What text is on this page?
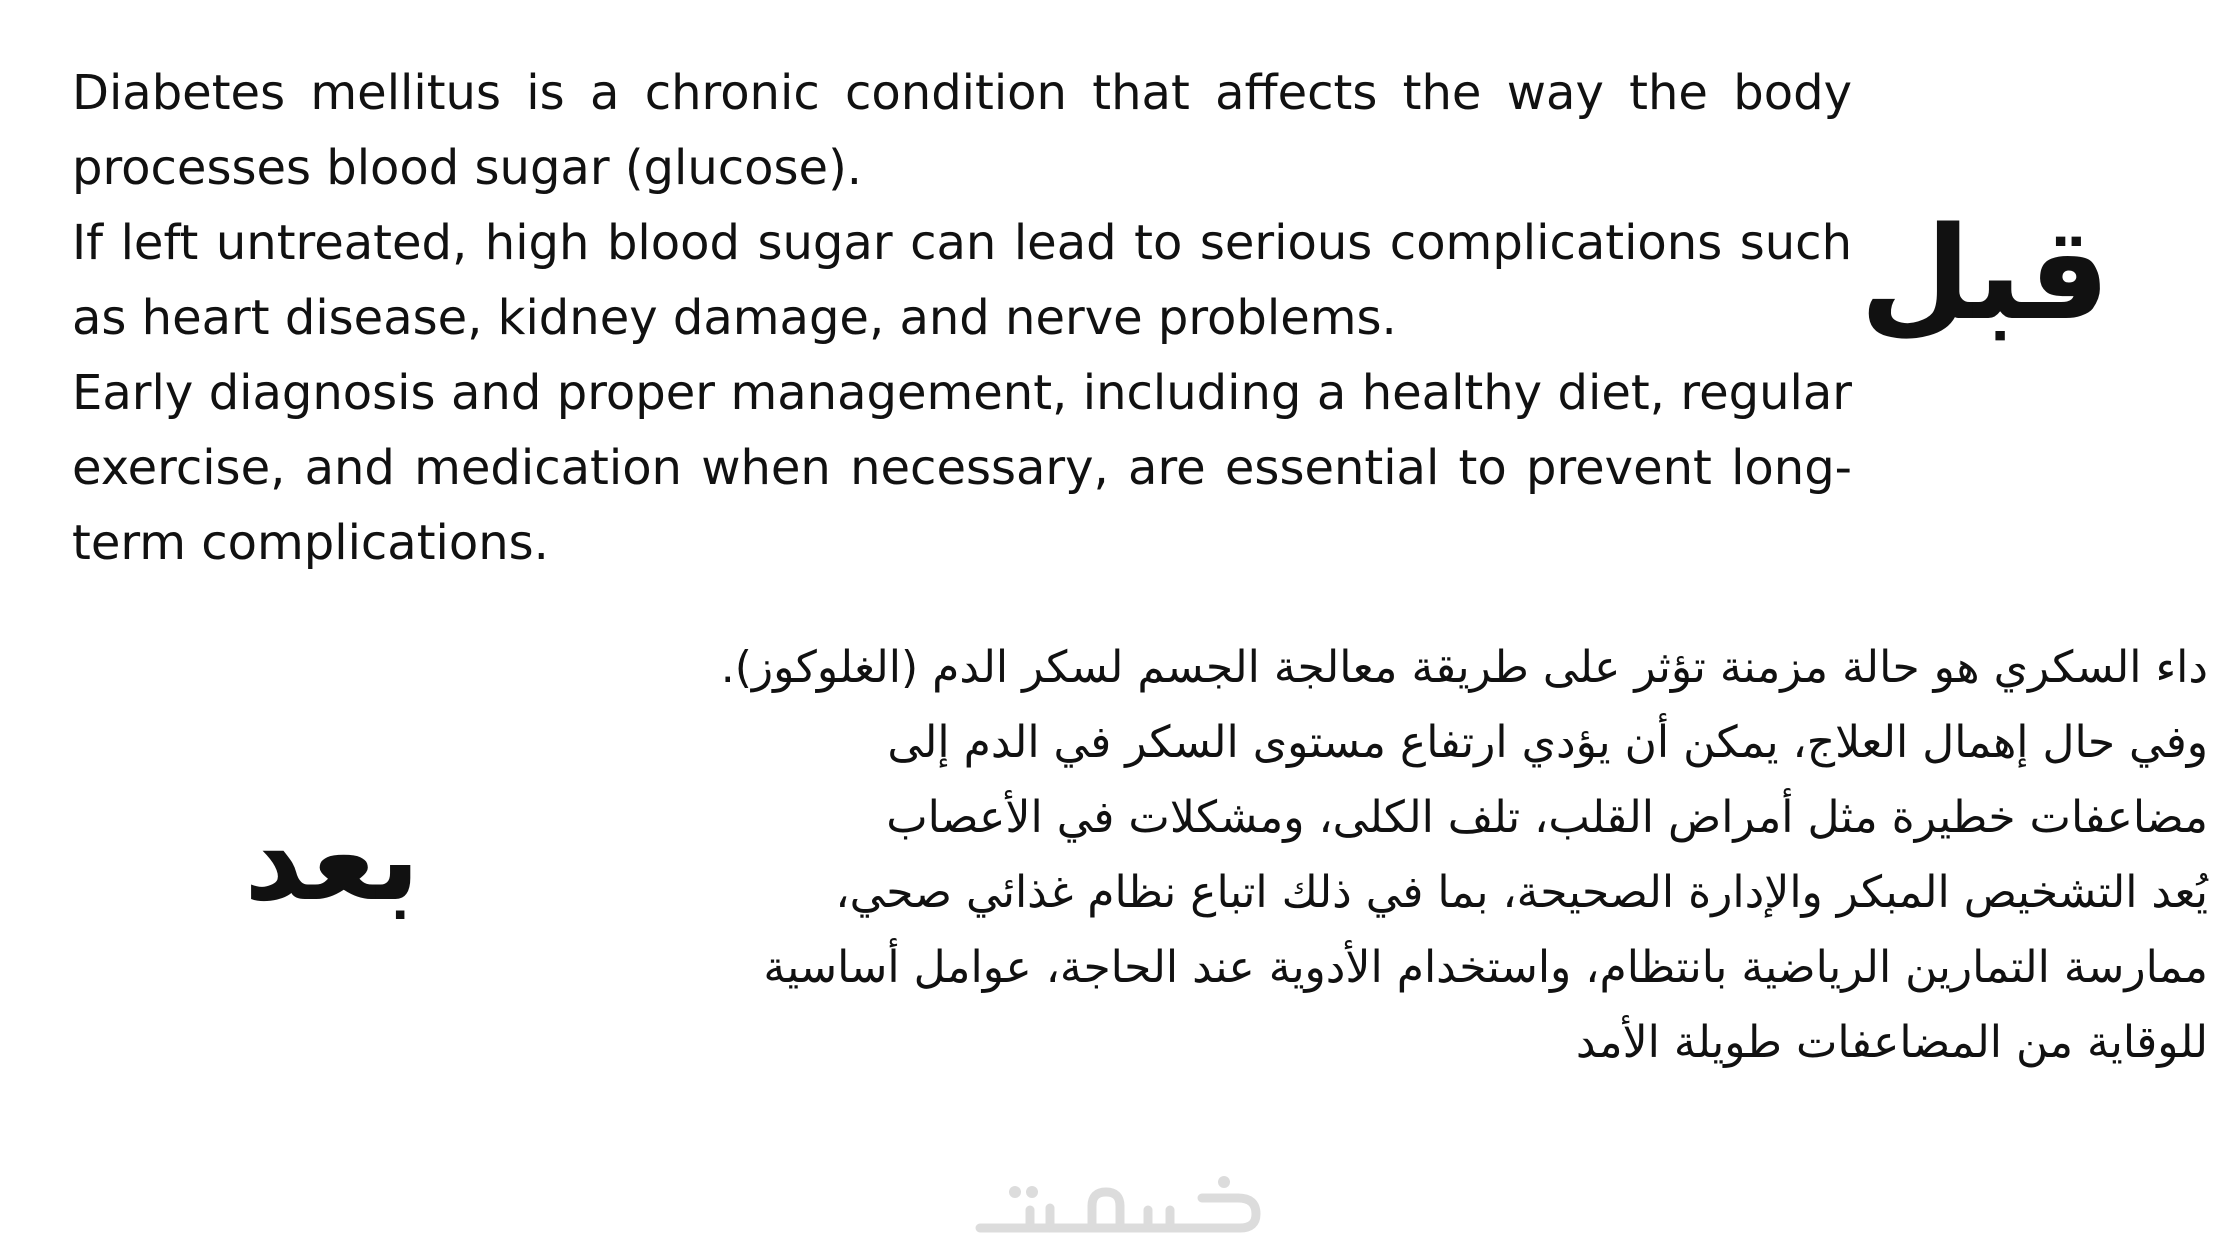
Diabetes mellitus is a chronic condition that affects the way the body processes blood sugar (glucose).

If left untreated, high blood sugar can lead to serious complications such as heart disease, kidney damage, and nerve problems.

Early diagnosis and proper management, including a healthy diet, regular exercise, and medication when necessary, are essential to prevent long-term complications.

قبل

داء السكري هو حالة مزمنة تؤثر على طريقة معالجة الجسم لسكر الدم (الغلوكوز).

وفي حال إهمال العلاج، يمكن أن يؤدي ارتفاع مستوى السكر في الدم إلى

مضاعفات خطيرة مثل أمراض القلب، تلف الكلى، ومشكلات في الأعصاب

يُعد التشخيص المبكر والإدارة الصحيحة، بما في ذلك اتباع نظام غذائي صحي،

ممارسة التمارين الرياضية بانتظام، واستخدام الأدوية عند الحاجة، عوامل أساسية

للوقاية من المضاعفات طويلة الأمد

بعد
